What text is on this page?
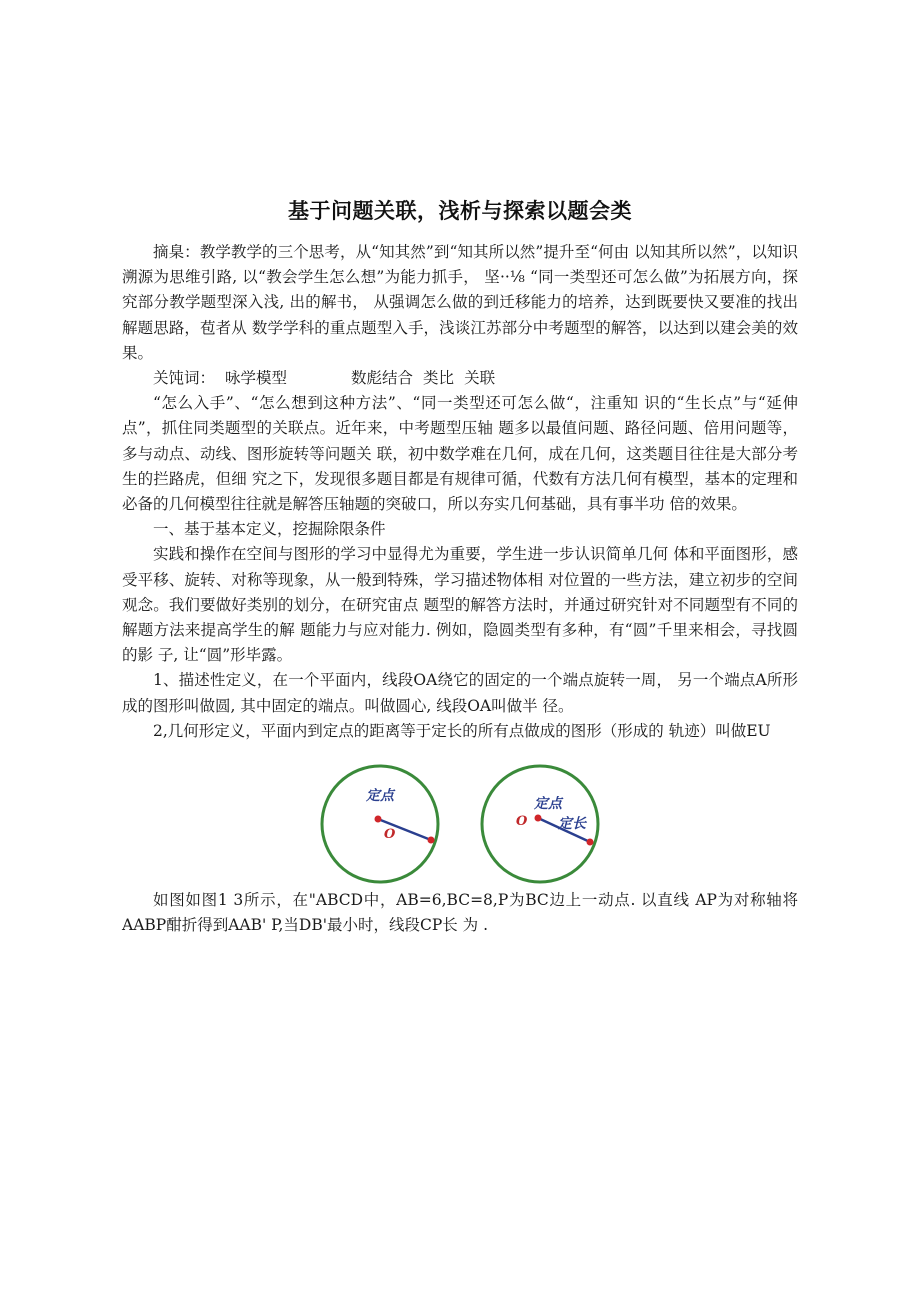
基于问题关联，浅析与探索以题会类

摘臬：教学教学的三个思考，从“知其然”到“知其所以然”提升至“何由 以知其所以然”，以知识溯源为思维引路, 以“教会学生怎么想”为能力抓手， 坚··⅛ “同一类型还可怎么做”为拓展方向，探究部分教学题型深入浅, 出的解书， 从强调怎么做的到迁移能力的培养，达到既要快又要准的找出解题思路，苞者从 数学学科的重点题型入手，浅谈江苏部分中考题型的解答，以达到以建会美的效 果。

关饨词： 咏学模型	数彪结合 类比 关联

“怎么入手”、“怎么想到这种方法”、“同一类型还可怎么做“，注重知 识的“生长点”与“延伸点”，抓住同类题型的关联点。近年来，中考题型压轴 题多以最值问题、路径问题、倍用问题等，多与动点、动线、图形旋转等问题关 联，初中数学难在几何，成在几何，这类题目往往是大部分考生的拦路虎，但细 究之下，发现很多题目都是有规律可循，代数有方法几何有模型，基本的定理和 必备的几何模型往往就是解答压轴题的突破口，所以夯实几何基础，具有事半功 倍的效果。

一、基于基本定义，挖掘除限条件

实践和操作在空间与图形的学习中显得尤为重要，学生进一步认识简单几何 体和平面图形，感受平移、旋转、对称等现象，从一般到特殊，学习描述物体相 对位置的一些方法，建立初步的空间观念。我们要做好类别的划分，在研究宙点 题型的解答方法时，并通过研究针对不同题型有不同的解题方法来提高学生的解 题能力与应对能力. 例如，隐圆类型有多种，有“圆”千里来相会，寻找圆的影 子, 让“圆”形毕露。

1、描述性定义，在一个平面内，线段OA绕它的固定的一个端点旋转一周， 另一个端点A所形成的图形叫做圆, 其中固定的端点。叫做圆心, 线段OA叫做半 径。

2,几何形定义，平面内到定点的距离等于定长的所有点做成的图形（形成的 轨迹）叫做EU

定点
O
定点
O 定长

如图如图1 3所示，在"ABCD中，AB=6,BC=8,P为BC边上一动点. 以直线 AP为对称轴将AABP酣折得到AAB' P,当DB'最小时，线段CP长 为 .
